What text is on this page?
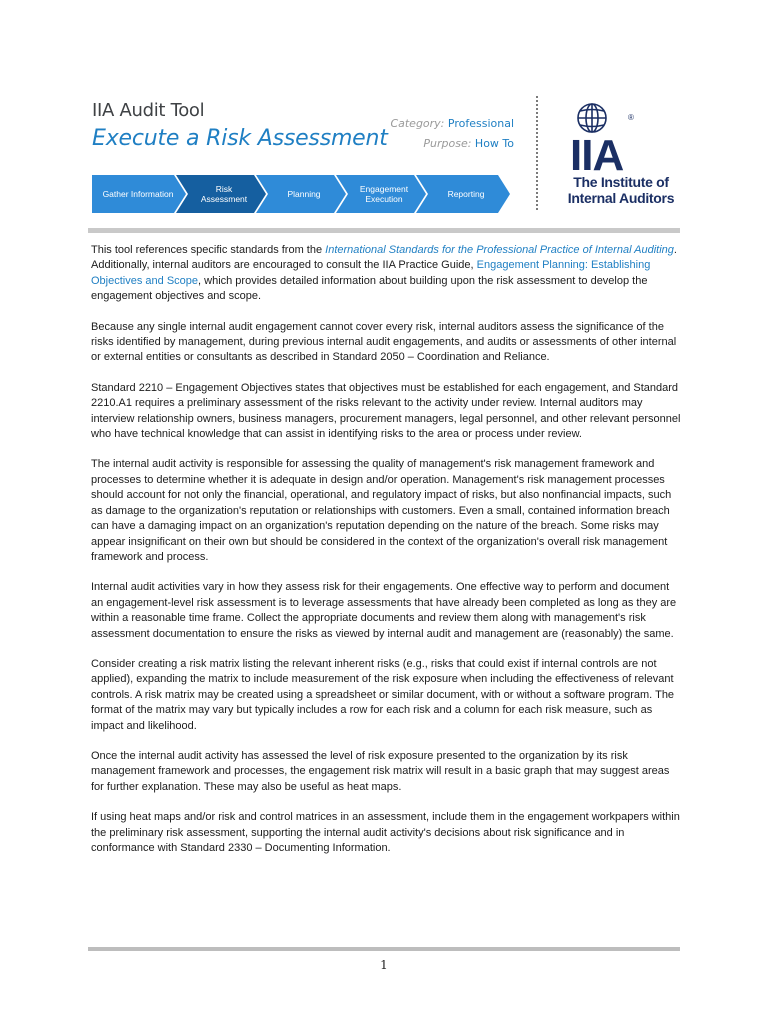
IIA Audit Tool
Execute a Risk Assessment
Category: Professional
Purpose: How To IIA
®
The Institute of
Internal Auditors
Gather Information	Risk
Assessment	Planning	Engagement
Execution	Reporting

This tool references specific standards from the International Standards for the Professional Practice of Internal Auditing. Additionally, internal auditors are encouraged to consult the IIA Practice Guide, Engagement Planning: Establishing Objectives and Scope, which provides detailed information about building upon the risk assessment to develop the engagement objectives and scope.

Because any single internal audit engagement cannot cover every risk, internal auditors assess the significance of the risks identified by management, during previous internal audit engagements, and audits or assessments of other internal or external entities or consultants as described in Standard 2050 – Coordination and Reliance.

Standard 2210 – Engagement Objectives states that objectives must be established for each engagement, and Standard 2210.A1 requires a preliminary assessment of the risks relevant to the activity under review. Internal auditors may interview relationship owners, business managers, procurement managers, legal personnel, and other relevant personnel who have technical knowledge that can assist in identifying risks to the area or process under review.

The internal audit activity is responsible for assessing the quality of management's risk management framework and processes to determine whether it is adequate in design and/or operation. Management's risk management processes should account for not only the financial, operational, and regulatory impact of risks, but also nonfinancial impacts, such as damage to the organization's reputation or relationships with customers. Even a small, contained information breach can have a damaging impact on an organization's reputation depending on the nature of the breach. Some risks may appear insignificant on their own but should be considered in the context of the organization's overall risk management framework and process.

Internal audit activities vary in how they assess risk for their engagements. One effective way to perform and document an engagement-level risk assessment is to leverage assessments that have already been completed as long as they are within a reasonable time frame. Collect the appropriate documents and review them along with management's risk assessment documentation to ensure the risks as viewed by internal audit and management are (reasonably) the same.

Consider creating a risk matrix listing the relevant inherent risks (e.g., risks that could exist if internal controls are not applied), expanding the matrix to include measurement of the risk exposure when including the effectiveness of relevant controls. A risk matrix may be created using a spreadsheet or similar document, with or without a software program. The format of the matrix may vary but typically includes a row for each risk and a column for each risk measure, such as impact and likelihood.

Once the internal audit activity has assessed the level of risk exposure presented to the organization by its risk management framework and processes, the engagement risk matrix will result in a basic graph that may suggest areas for further explanation. These may also be useful as heat maps.

If using heat maps and/or risk and control matrices in an assessment, include them in the engagement workpapers within the preliminary risk assessment, supporting the internal audit activity's decisions about risk significance and in conformance with Standard 2330 – Documenting Information.

1
